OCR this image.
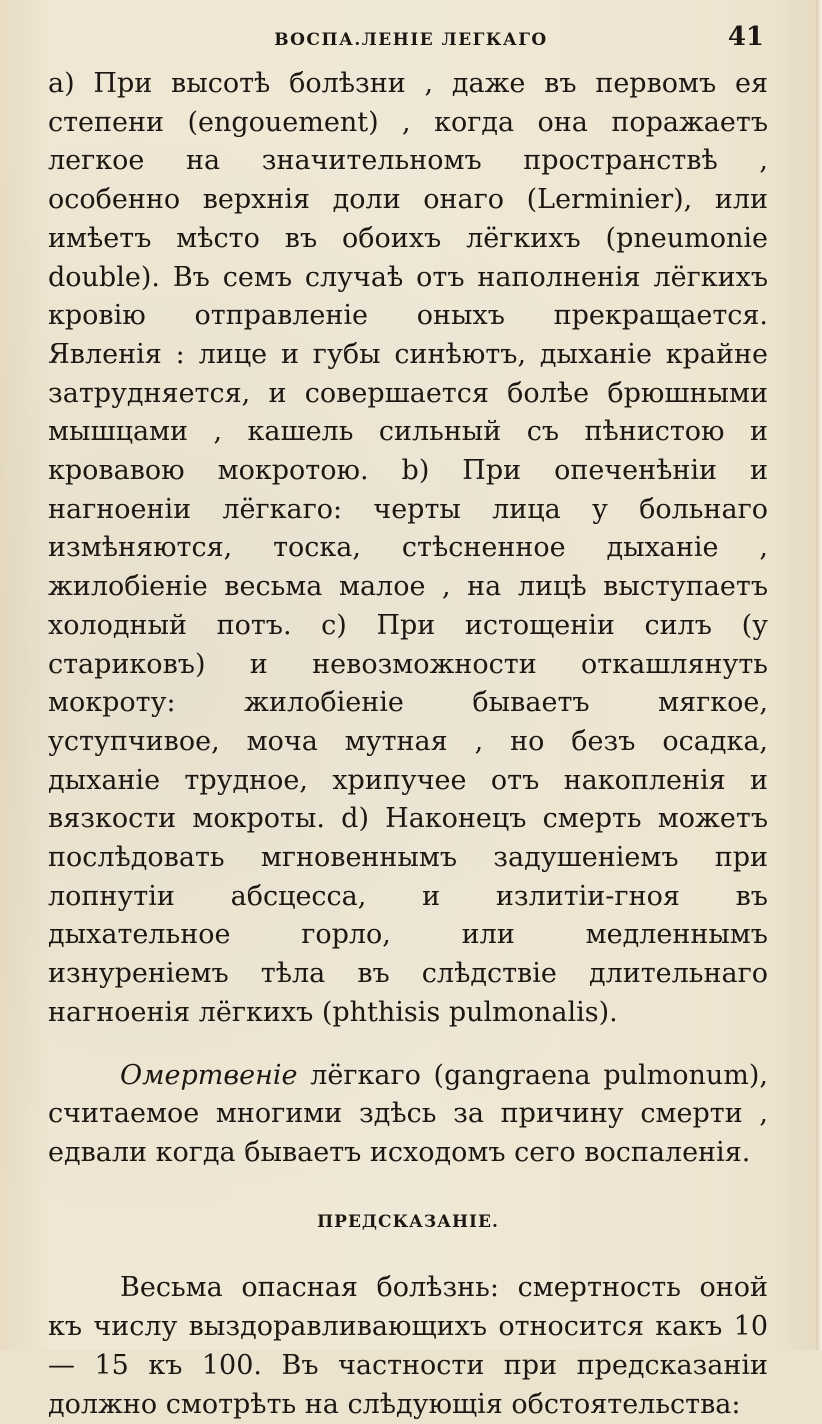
ВОСПА.ЛЕНІЕ ЛЕГКАГО	41

а) При высотѣ болѣзни , даже въ первомъ ея степени (engouement) , когда она поражаетъ легкое на значительномъ пространствѣ , особенно верхнія доли онаго (Lerminier), или имѣетъ мѣсто въ обоихъ лёгкихъ (pneumonie double). Въ семъ случаѣ отъ наполненія лёгкихъ кровію отправленіе оныхъ прекращается. Явленія : лице и губы синѣютъ, дыханіе крайне затрудняется, и совершается болѣе брюшными мышцами , кашель сильный съ пѣнистою и кровавою мокротою. b) При опеченѣніи и нагноеніи лёгкаго: черты лица у больнаго измѣняются, тоска, стѣсненное дыханіе , жилобіеніе весьма малое , на лицѣ выступаетъ холодный потъ. c) При истощеніи силъ (у стариковъ) и невозможности откашлянуть мокроту: жилобіеніе бываетъ мягкое, уступчивое, моча мутная , но безъ осадка, дыханіе трудное, хрипучее отъ накопленія и вязкости мокроты. d) Наконецъ смерть можетъ послѣдовать мгновеннымъ задушеніемъ при лопнутіи абсцесса, и излитіи-гноя въ дыхательное горло, или медленнымъ изнуреніемъ тѣла въ слѣдствіе длительнаго нагноенія лёгкихъ (phthisis pulmonalis).

Омертвеніе лёгкаго (gangraena pulmonum), считаемое многими здѣсь за причину смерти , едвали когда бываетъ исходомъ сего воспаленія.

ПРЕДСКАЗАНІЕ.

Весьма опасная болѣзнь: смертность оной къ числу выздоравливающихъ относится какъ 10 — 15 къ 100. Въ частности при предсказаніи должно смотрѣть на слѣдующія обстоятельства:
